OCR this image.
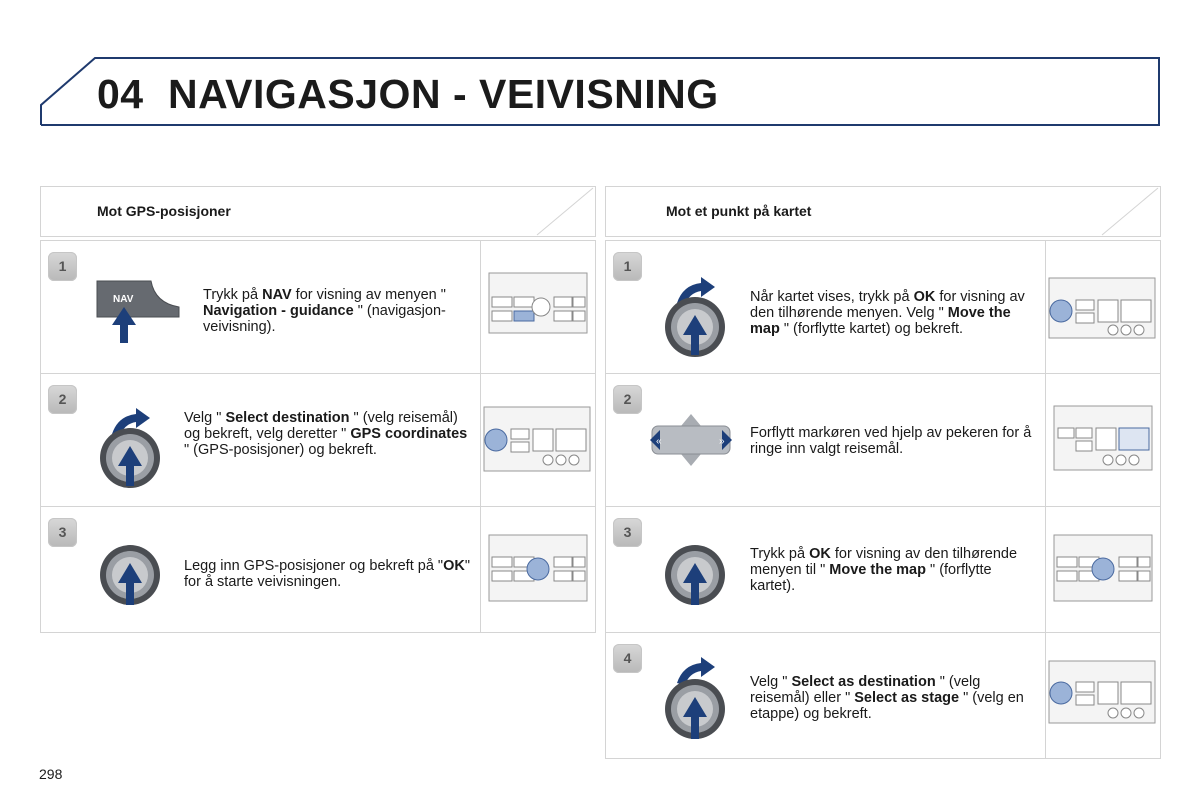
04 NAVIGASJON - VEIVISNING
Mot GPS-posisjoner	Mot et punkt på kartet
1
NAV	Trykk på NAV for visning av menyen " Navigation - guidance " (navigasjon-veivisning).
2
Velg " Select destination " (velg reisemål) og bekreft, velg deretter " GPS coordinates " (GPS-posisjoner) og bekreft.
3
Legg inn GPS-posisjoner og bekreft på "OK" for å starte veivisningen.
1
Når kartet vises, trykk på OK for visning av den tilhørende menyen. Velg " Move the map " (forflytte kartet) og bekreft.
2
«	»
Forflytt markøren ved hjelp av pekeren for å ringe inn valgt reisemål.
3
Trykk på OK for visning av den tilhørende menyen til " Move the map " (forflytte kartet).
4
Velg " Select as destination " (velg reisemål) eller " Select as stage " (velg en etappe) og bekreft.
298
